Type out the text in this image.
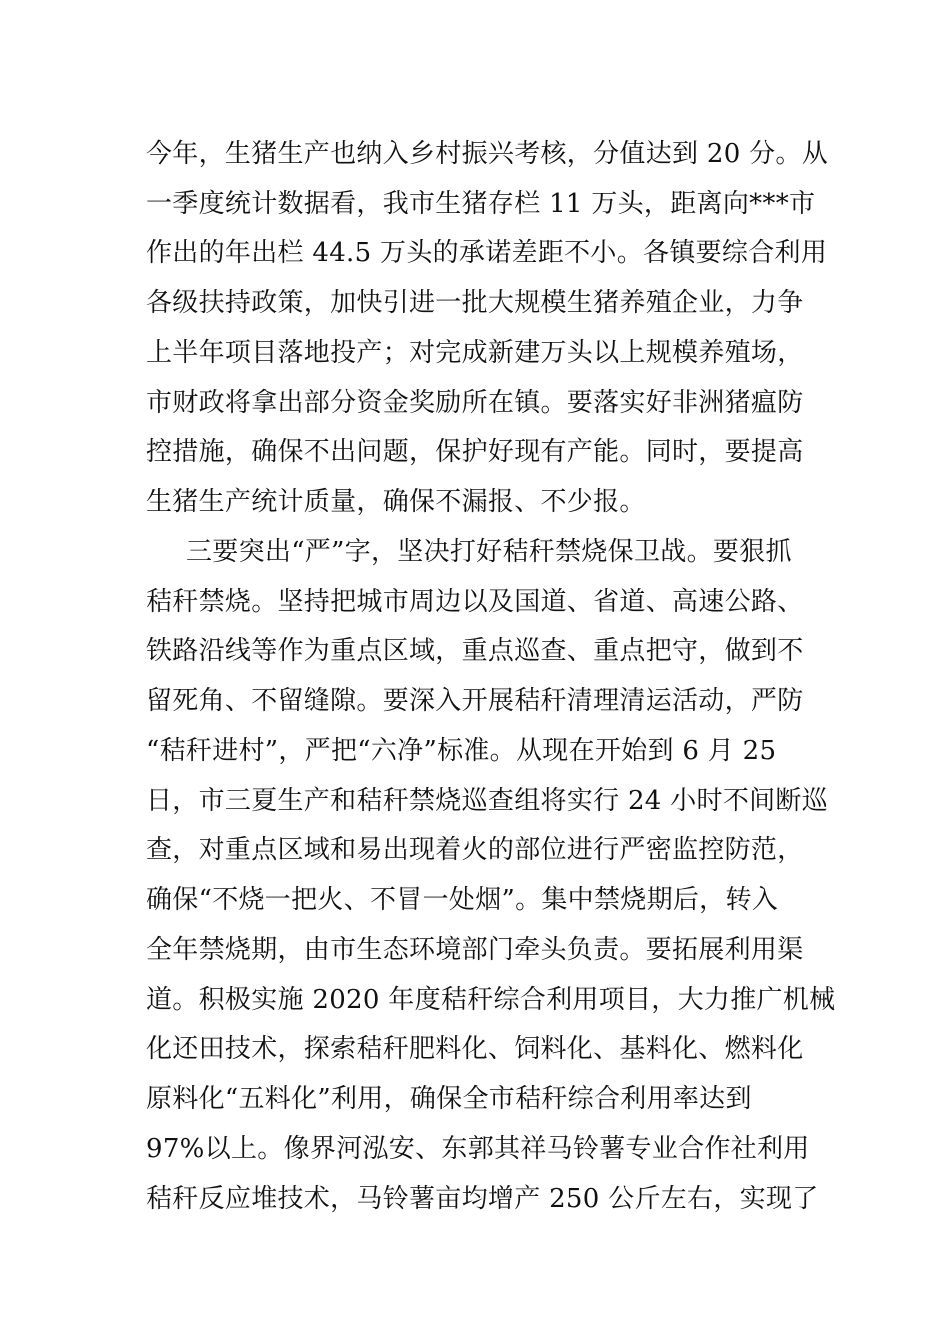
今年，生猪生产也纳入乡村振兴考核，分值达到 20 分。从
一季度统计数据看，我市生猪存栏 11 万头，距离向***市
作出的年出栏 44.5 万头的承诺差距不小。各镇要综合利用
各级扶持政策，加快引进一批大规模生猪养殖企业，力争
上半年项目落地投产；对完成新建万头以上规模养殖场，
市财政将拿出部分资金奖励所在镇。要落实好非洲猪瘟防
控措施，确保不出问题，保护好现有产能。同时，要提高
生猪生产统计质量，确保不漏报、不少报。
三要突出“严”字，坚决打好秸秆禁烧保卫战。要狠抓
秸秆禁烧。坚持把城市周边以及国道、省道、高速公路、
铁路沿线等作为重点区域，重点巡查、重点把守，做到不
留死角、不留缝隙。要深入开展秸秆清理清运活动，严防
“秸秆进村”，严把“六净”标准。从现在开始到 6 月 25
日，市三夏生产和秸秆禁烧巡查组将实行 24 小时不间断巡
查，对重点区域和易出现着火的部位进行严密监控防范，
确保“不烧一把火、不冒一处烟”。集中禁烧期后，转入
全年禁烧期，由市生态环境部门牵头负责。要拓展利用渠
道。积极实施 2020 年度秸秆综合利用项目，大力推广机械
化还田技术，探索秸秆肥料化、饲料化、基料化、燃料化
原料化“五料化”利用，确保全市秸秆综合利用率达到
97%以上。像界河泓安、东郭其祥马铃薯专业合作社利用
秸秆反应堆技术，马铃薯亩均增产 250 公斤左右，实现了
